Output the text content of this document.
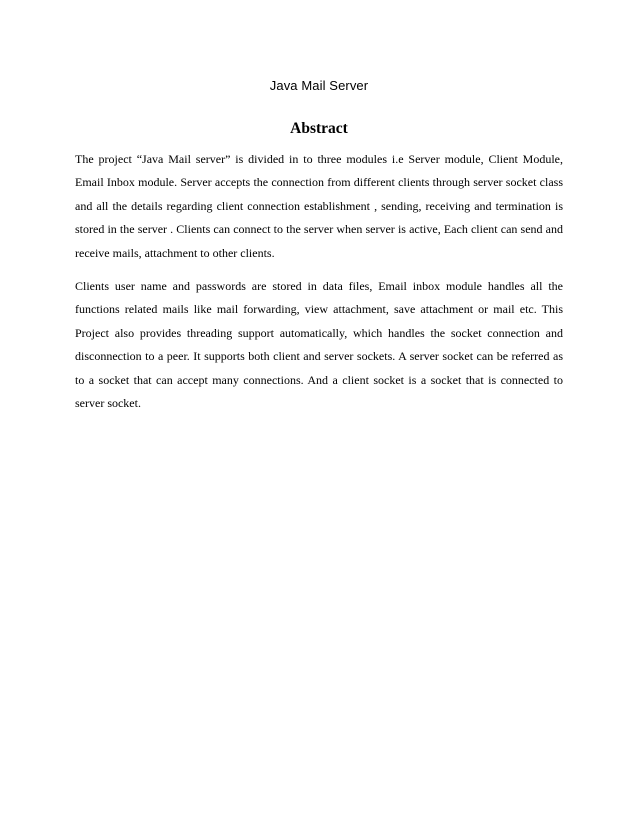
Java Mail Server
Abstract

The project “Java Mail server” is divided in to three modules i.e Server module, Client Module, Email Inbox module. Server accepts the connection from different clients through server socket class and all the details regarding client connection establishment , sending, receiving and termination is stored in the server . Clients can connect to the server when server is active, Each client can send and receive mails, attachment to other clients.

Clients user name and passwords are stored in data files, Email inbox module handles all the functions related mails like mail forwarding, view attachment, save attachment or mail etc. This Project also provides threading support automatically, which handles the socket connection and disconnection to a peer. It supports both client and server sockets. A server socket can be referred as to a socket that can accept many connections. And a client socket is a socket that is connected to server socket.
